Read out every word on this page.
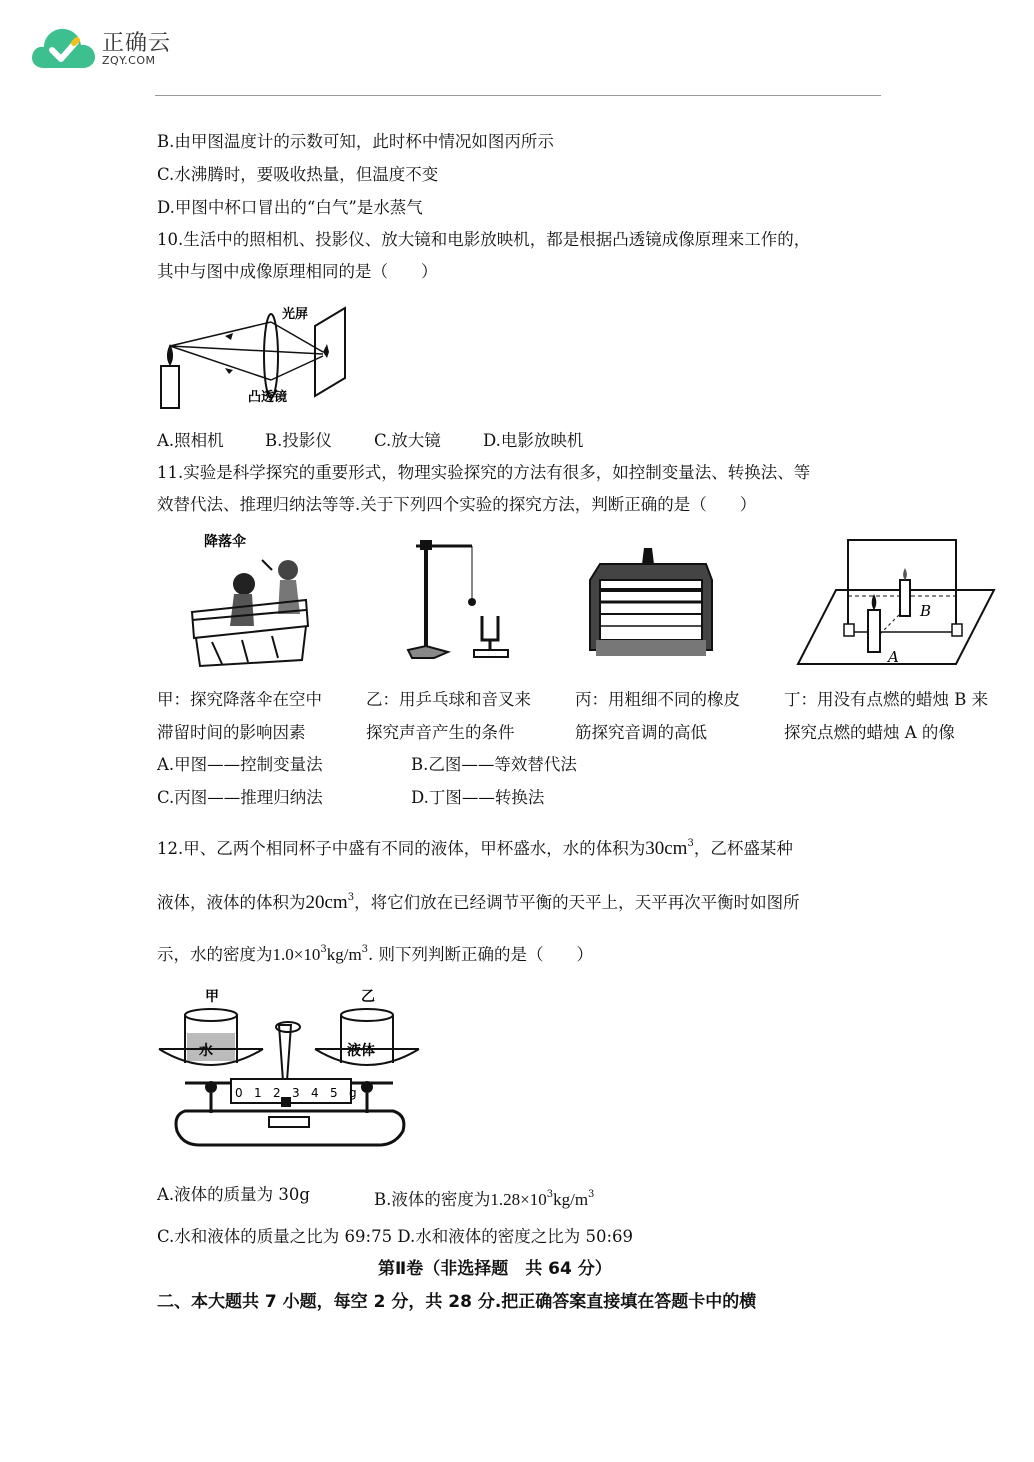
正确云
ZQY.COM
B.由甲图温度计的示数可知，此时杯中情况如图丙所示
C.水沸腾时，要吸收热量，但温度不变
D.甲图中杯口冒出的“白气”是水蒸气
10.生活中的照相机、投影仪、放大镜和电影放映机，都是根据凸透镜成像原理来工作的，
其中与图中成像原理相同的是（　　）
光屏
凸透镜
A.照相机	B.投影仪	C.放大镜	D.电影放映机
11.实验是科学探究的重要形式，物理实验探究的方法有很多，如控制变量法、转换法、等
效替代法、推理归纳法等等.关于下列四个实验的探究方法，判断正确的是（　　）
降落伞
A
B
甲：探究降落伞在空中
滞留时间的影响因素
乙：用乒乓球和音叉来
探究声音产生的条件
丙：用粗细不同的橡皮
筋探究音调的高低
丁：用没有点燃的蜡烛 B 来
探究点燃的蜡烛 A 的像
A.甲图——控制变量法	B.乙图——等效替代法
C.丙图——推理归纳法	D.丁图——转换法
12.甲、乙两个相同杯子中盛有不同的液体，甲杯盛水，水的体积为$30cm^3$，乙杯盛某种
液体，液体的体积为$20cm^3$，将它们放在已经调节平衡的天平上，天平再次平衡时如图所
示，水的密度为$1.0\times 10^3kg/m^3$. 则下列判断正确的是（　　）
甲	乙
水	液体
0 1 2 3 4 5 g
A.液体的质量为 30g	B.液体的密度为$1.28\times 10^3kg/m^3$
C.水和液体的质量之比为 69:75 D.水和液体的密度之比为 50:69
第Ⅱ卷（非选择题　共 64 分）
二、本大题共 7 小题，每空 2 分，共 28 分.把正确答案直接填在答题卡中的横
